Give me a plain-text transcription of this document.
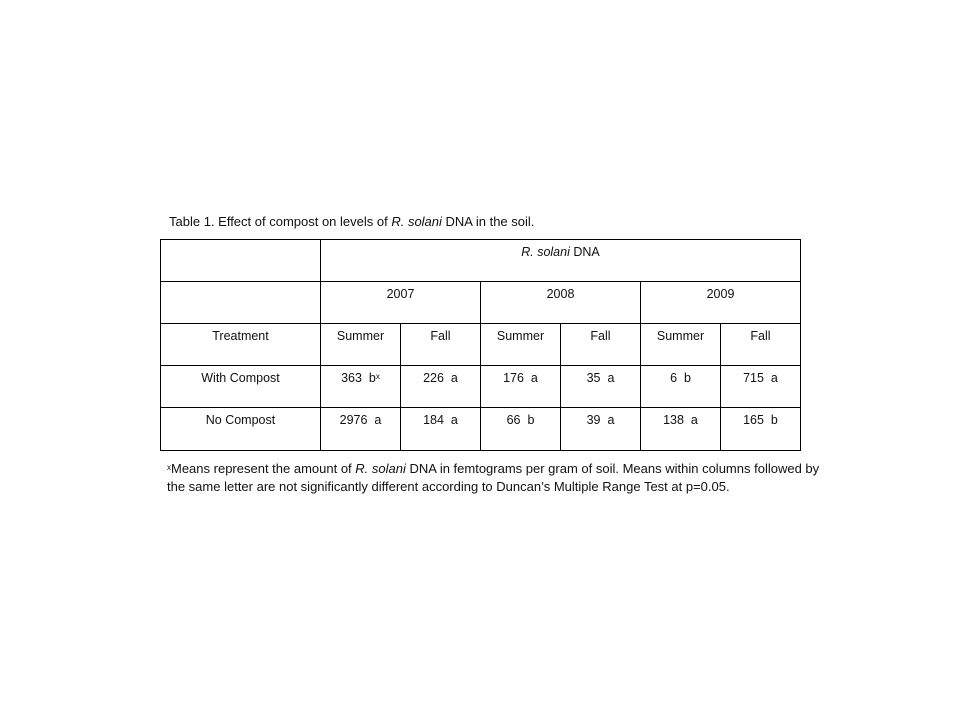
Table 1. Effect of compost on levels of R. solani DNA in the soil.
	R. solani DNA					
	2007		2008		2009	
Treatment	Summer	Fall	Summer	Fall	Summer	Fall
With Compost	363  $b^x$	226  a	176  a	35  a	6  b	715  a
No Compost	2976  a	184  a	66  b	39  a	138  a	165  b
$^x$Means represent the amount of R. solani DNA in femtograms per gram of soil. Means within columns followed by the same letter are not significantly different according to Duncan’s Multiple Range Test at p=0.05.
